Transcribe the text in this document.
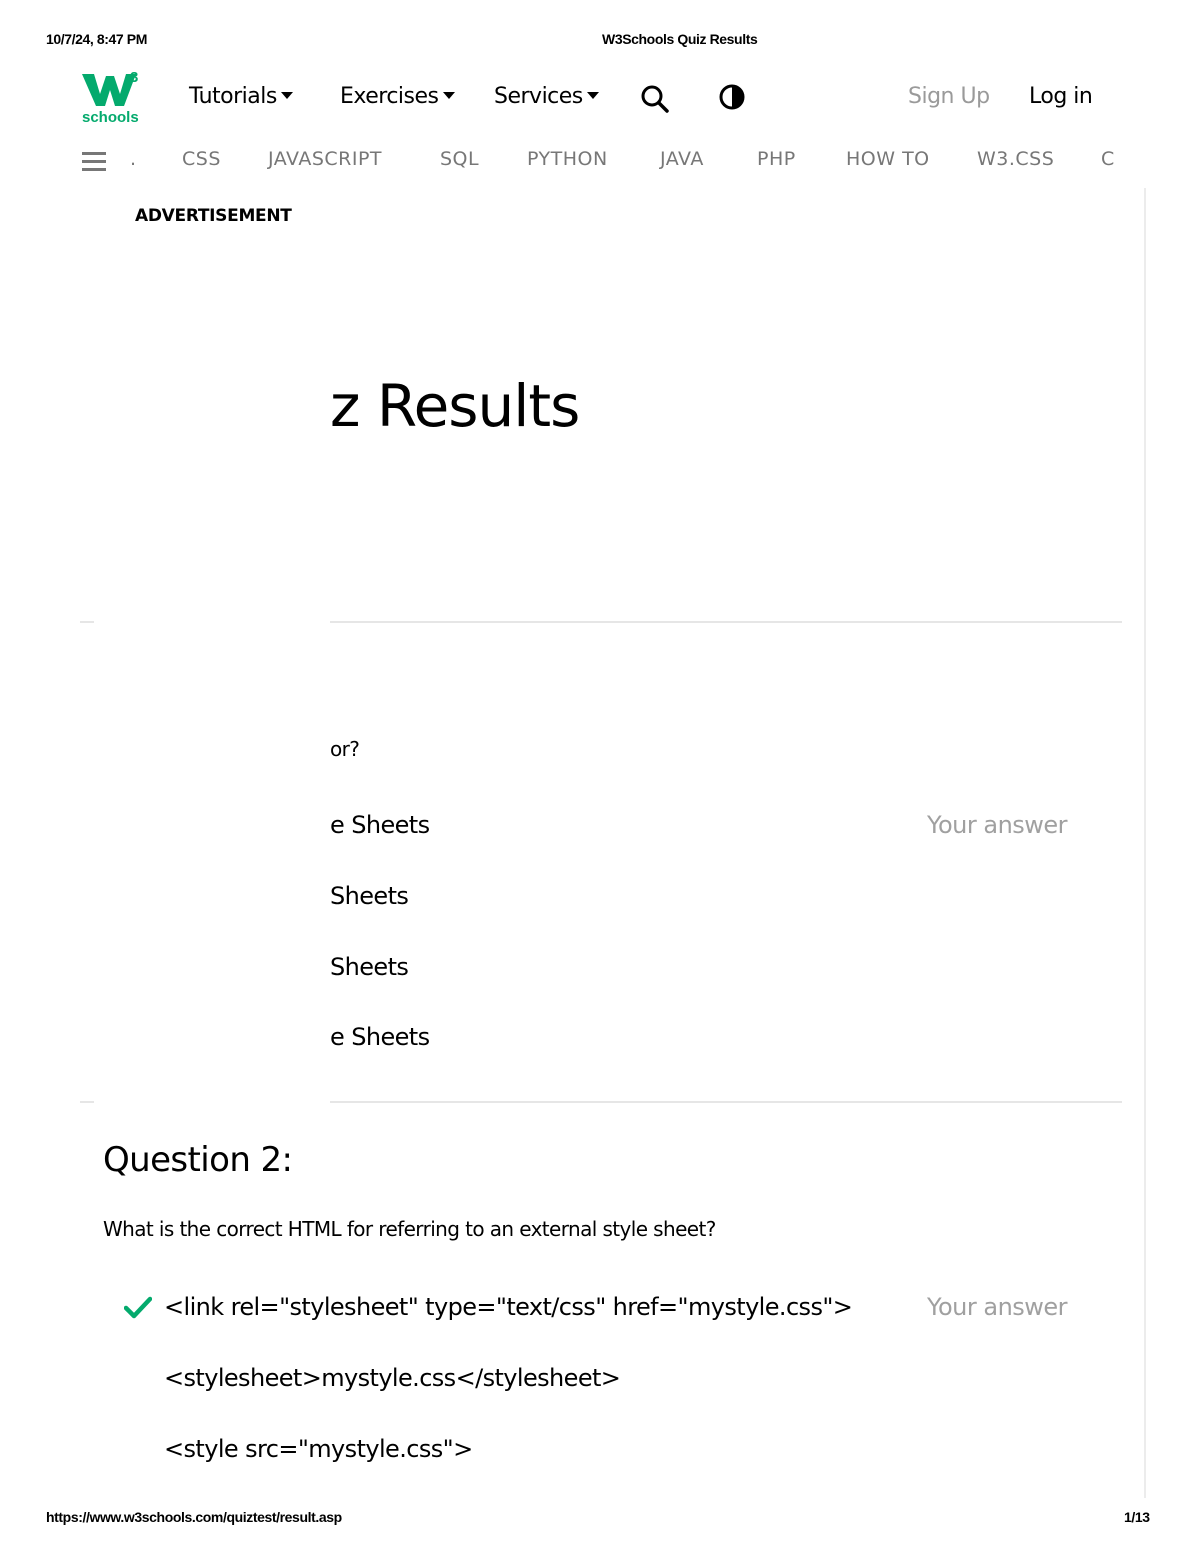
10/7/24, 8:47 PM	W3Schools Quiz Results
3
schools
Tutorials	Exercises	Services	Sign Up Log in
. CSS JAVASCRIPT	SQL	PYTHON	JAVA	PHP	HOW TO W3.CSS C
ADVERTISEMENT
z Results
or?
e Sheets	Your answer
Sheets
Sheets
e Sheets
Question 2:
What is the correct HTML for referring to an external style sheet?
<link rel="stylesheet" type="text/css" href="mystyle.css">	Your answer
<stylesheet>mystyle.css</stylesheet>
<style src="mystyle.css">
https://www.w3schools.com/quiztest/result.asp	1/13
